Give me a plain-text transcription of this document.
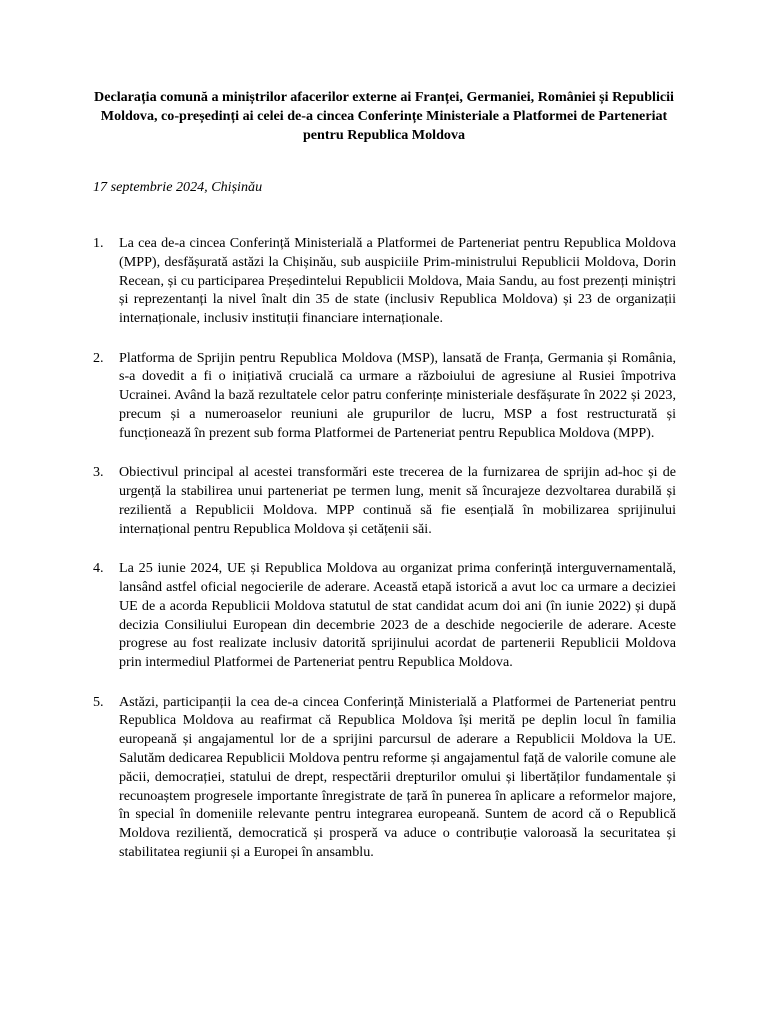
Declarația comună a miniștrilor afacerilor externe ai Franței, Germaniei, României și Republicii Moldova, co-președinți ai celei de-a cincea Conferințe Ministeriale a Platformei de Parteneriat pentru Republica Moldova
17 septembrie 2024, Chișinău
1.	La cea de-a cincea Conferință Ministerială a Platformei de Parteneriat pentru Republica Moldova (MPP), desfășurată astăzi la Chișinău, sub auspiciile Prim-ministrului Republicii Moldova, Dorin Recean, și cu participarea Președintelui Republicii Moldova, Maia Sandu, au fost prezenți miniștri și reprezentanți la nivel înalt din 35 de state (inclusiv Republica Moldova) și 23 de organizații internaționale, inclusiv instituții financiare internaționale.
2.	Platforma de Sprijin pentru Republica Moldova (MSP), lansată de Franța, Germania și România, s-a dovedit a fi o inițiativă crucială ca urmare a războiului de agresiune al Rusiei împotriva Ucrainei. Având la bază rezultatele celor patru conferințe ministeriale desfășurate în 2022 și 2023, precum și a numeroaselor reuniuni ale grupurilor de lucru, MSP a fost restructurată și funcționează în prezent sub forma Platformei de Parteneriat pentru Republica Moldova (MPP).
3.	Obiectivul principal al acestei transformări este trecerea de la furnizarea de sprijin ad-hoc și de urgență la stabilirea unui parteneriat pe termen lung, menit să încurajeze dezvoltarea durabilă și rezilientă a Republicii Moldova. MPP continuă să fie esențială în mobilizarea sprijinului internațional pentru Republica Moldova și cetățenii săi.
4.	La 25 iunie 2024, UE și Republica Moldova au organizat prima conferință interguvernamentală, lansând astfel oficial negocierile de aderare. Această etapă istorică a avut loc ca urmare a deciziei UE de a acorda Republicii Moldova statutul de stat candidat acum doi ani (în iunie 2022) și după decizia Consiliului European din decembrie 2023 de a deschide negocierile de aderare. Aceste progrese au fost realizate inclusiv datorită sprijinului acordat de partenerii Republicii Moldova prin intermediul Platformei de Parteneriat pentru Republica Moldova.
5.	Astăzi, participanții la cea de-a cincea Conferință Ministerială a Platformei de Parteneriat pentru Republica Moldova au reafirmat că Republica Moldova își merită pe deplin locul în familia europeană și angajamentul lor de a sprijini parcursul de aderare a Republicii Moldova la UE. Salutăm dedicarea Republicii Moldova pentru reforme și angajamentul față de valorile comune ale păcii, democrației, statului de drept, respectării drepturilor omului și libertăților fundamentale și recunoaștem progresele importante înregistrate de țară în punerea în aplicare a reformelor majore, în special în domeniile relevante pentru integrarea europeană. Suntem de acord că o Republică Moldova rezilientă, democratică și prosperă va aduce o contribuție valoroasă la securitatea și stabilitatea regiunii și a Europei în ansamblu.
